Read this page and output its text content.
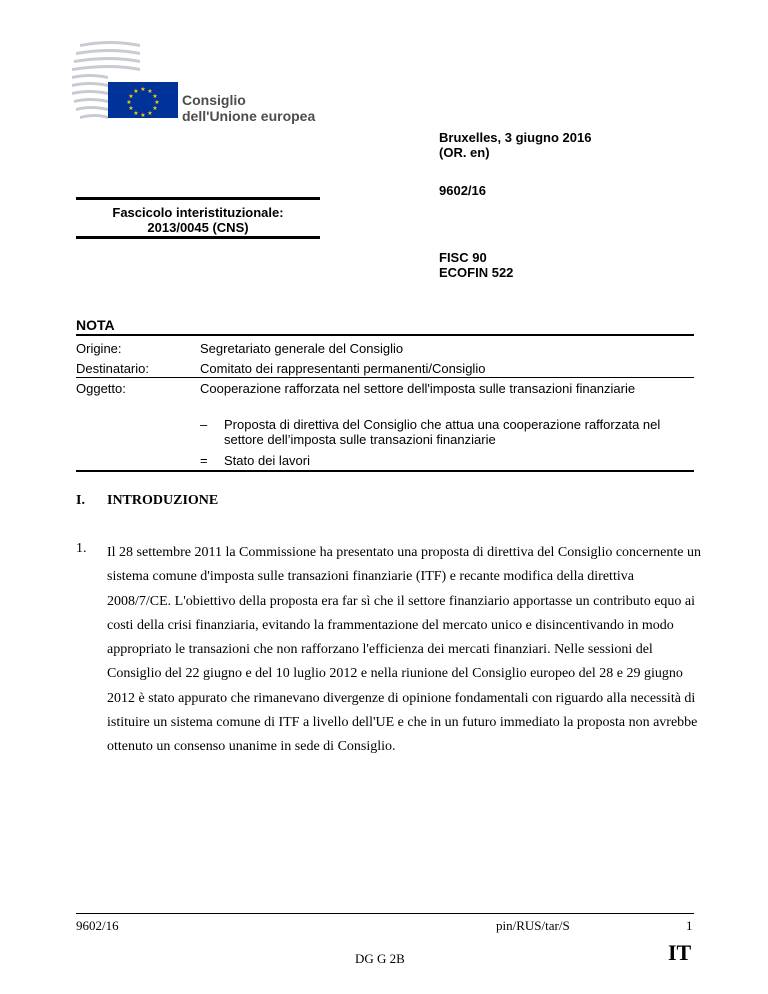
★ ★
★
★
★
★
★
★
★
★
★
★
Consiglio
dell'Unione europea
Bruxelles, 3 giugno 2016
(OR. en)
9602/16
Fascicolo interistituzionale:
2013/0045 (CNS)
FISC 90
ECOFIN 522
NOTA
Origine:	Segretariato generale del Consiglio
Destinatario:	Comitato dei rappresentanti permanenti/Consiglio
Oggetto:	Cooperazione rafforzata nel settore dell'imposta sulle transazioni finanziarie
– Proposta di direttiva del Consiglio che attua una cooperazione rafforzata nel settore dell’imposta sulle transazioni finanziarie
= Stato dei lavori
I. INTRODUZIONE
1. Il 28 settembre 2011 la Commissione ha presentato una proposta di direttiva del Consiglio concernente un sistema comune d'imposta sulle transazioni finanziarie (ITF) e recante modifica della direttiva 2008/7/CE. L'obiettivo della proposta era far sì che il settore finanziario apportasse un contributo equo ai costi della crisi finanziaria, evitando la frammentazione del mercato unico e disincentivando in modo appropriato le transazioni che non rafforzano l'efficienza dei mercati finanziari. Nelle sessioni del Consiglio del 22 giugno e del 10 luglio 2012 e nella riunione del Consiglio europeo del 28 e 29 giugno 2012 è stato appurato che rimanevano divergenze di opinione fondamentali con riguardo alla necessità di istituire un sistema comune di ITF a livello dell'UE e che in un futuro immediato la proposta non avrebbe ottenuto un consenso unanime in sede di Consiglio.
9602/16	pin/RUS/tar/S	1
DG G 2B	IT
